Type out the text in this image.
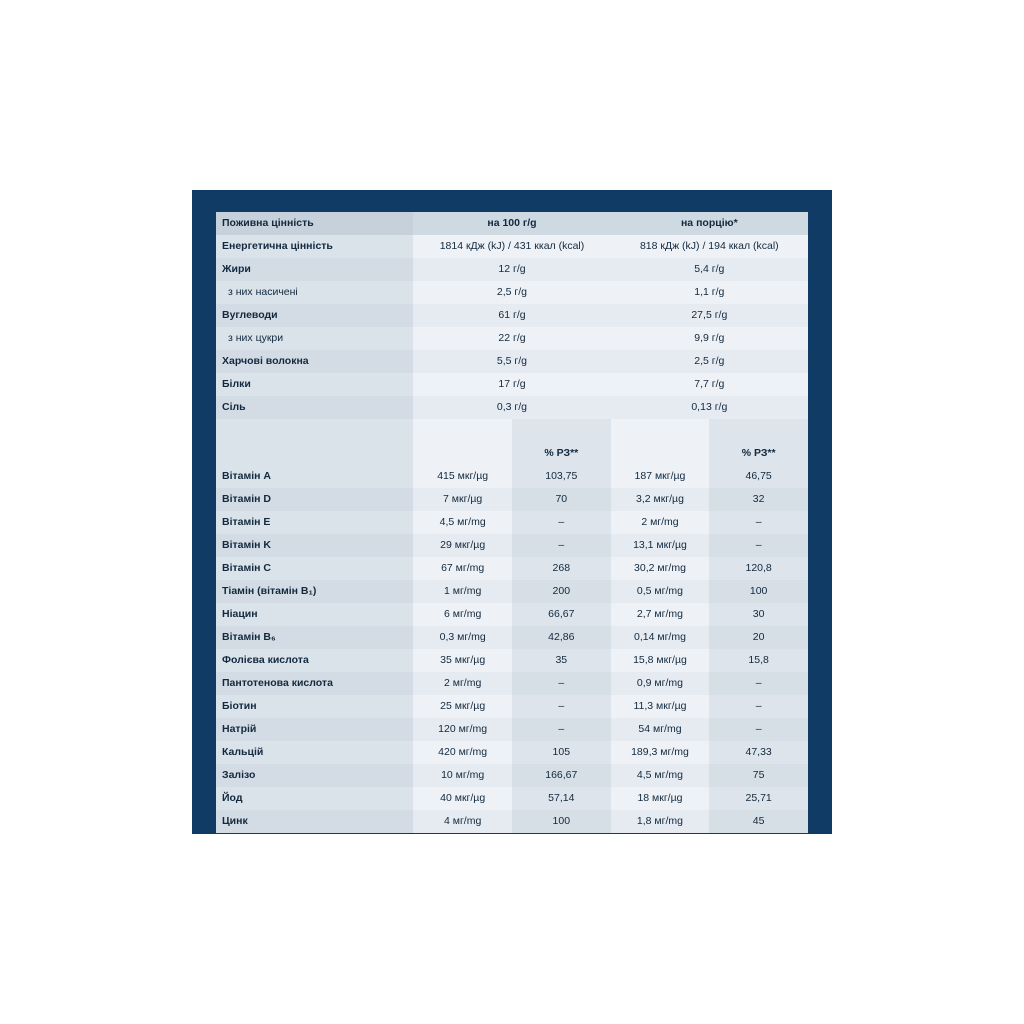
Поживна цінність	на 100 г/g		на порцію*	
Енергетична цінність	1814 кДж (kJ) / 431 ккал (kcal)		818 кДж (kJ) / 194 ккал (kcal)	
Жири	12 г/g		5,4 г/g	
з них насичені	2,5 г/g		1,1 г/g	
Вуглеводи	61 г/g		27,5 г/g	
з них цукри	22 г/g		9,9 г/g	
Харчові волокна	5,5 г/g		2,5 г/g	
Білки	17 г/g		7,7 г/g	
Сіль	0,3 г/g		0,13 г/g	

		% РЗ**		% РЗ**
Вітамін A	415 мкг/µg	103,75	187 мкг/µg	46,75
Вітамін D	7 мкг/µg	70	3,2 мкг/µg	32
Вітамін E	4,5 мг/mg	–	2 мг/mg	–
Вітамін K	29 мкг/µg	–	13,1 мкг/µg	–
Вітамін C	67 мг/mg	268	30,2 мг/mg	120,8
Тіамін (вітамін B₁)	1 мг/mg	200	0,5 мг/mg	100
Ніацин	6 мг/mg	66,67	2,7 мг/mg	30
Вітамін B₆	0,3 мг/mg	42,86	0,14 мг/mg	20
Фолієва кислота	35 мкг/µg	35	15,8 мкг/µg	15,8
Пантотенова кислота	2 мг/mg	–	0,9 мг/mg	–
Біотин	25 мкг/µg	–	11,3 мкг/µg	–
Натрій	120 мг/mg	–	54 мг/mg	–
Кальцій	420 мг/mg	105	189,3 мг/mg	47,33
Залізо	10 мг/mg	166,67	4,5 мг/mg	75
Йод	40 мкг/µg	57,14	18 мкг/µg	25,71
Цинк	4 мг/mg	100	1,8 мг/mg	45
*1 порція = 45 г/g сухої каші + 150 мл/ml води.
**РЗ – референтні значення для інших видів дитячого харчування.
¹Містить цукор природного походження.
Вміст солі обумовлено виключно наявністю природного натрію.
